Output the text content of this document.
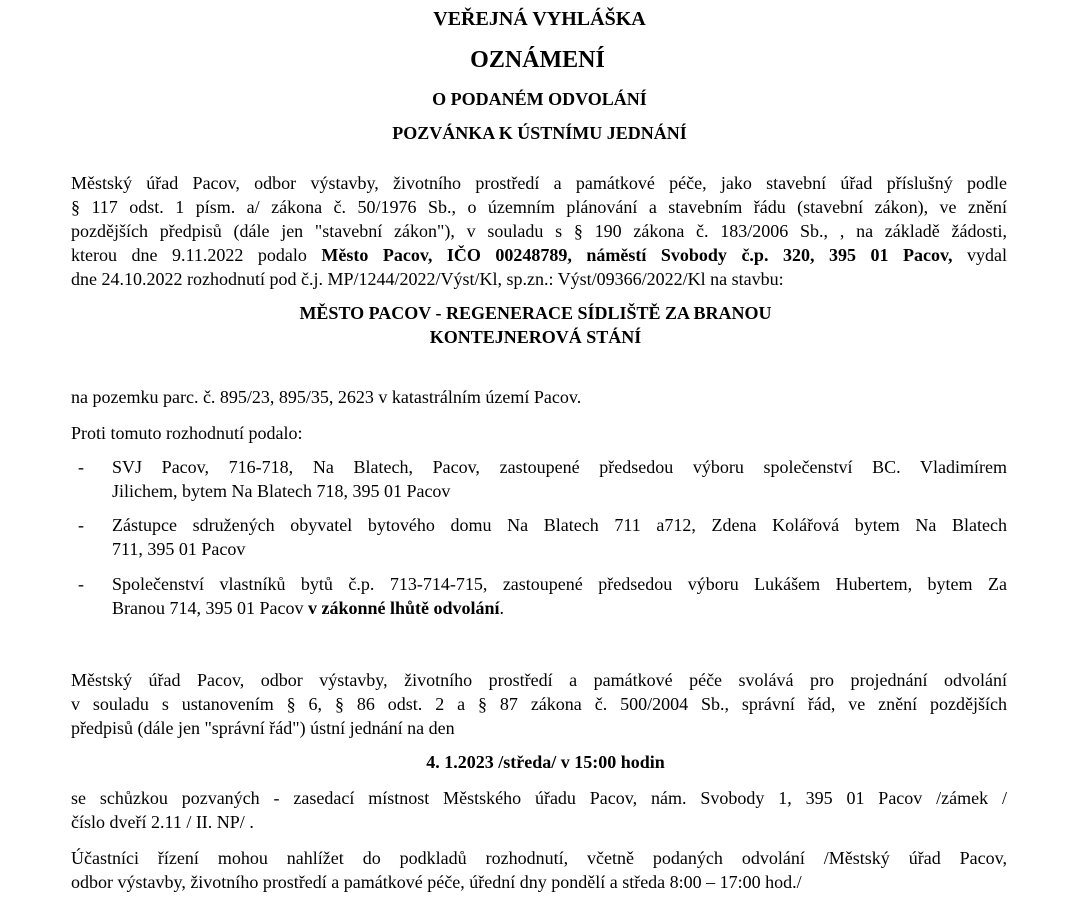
VEŘEJNÁ VYHLÁŠKA
OZNÁMENÍ
O PODANÉM ODVOLÁNÍ
POZVÁNKA K ÚSTNÍMU JEDNÁNÍ
Městský úřad Pacov, odbor výstavby, životního prostředí a památkové péče, jako stavební úřad příslušný podle
§ 117 odst. 1 písm. a/ zákona č. 50/1976 Sb., o územním plánování a stavebním řádu (stavební zákon), ve znění
pozdějších předpisů (dále jen "stavební zákon"), v souladu s § 190 zákona č. 183/2006 Sb., , na základě žádosti,
kterou dne 9.11.2022 podalo Město Pacov, IČO 00248789, náměstí Svobody č.p. 320, 395 01 Pacov, vydal
dne 24.10.2022 rozhodnutí pod č.j. MP/1244/2022/Výst/Kl, sp.zn.: Výst/09366/2022/Kl na stavbu:
MĚSTO PACOV - REGENERACE SÍDLIŠTĚ ZA BRANOU
KONTEJNEROVÁ STÁNÍ
na pozemku parc. č. 895/23, 895/35, 2623 v katastrálním území Pacov.
Proti tomuto rozhodnutí podalo:
- SVJ Pacov, 716-718, Na Blatech, Pacov, zastoupené předsedou výboru společenství BC. Vladimírem
Jilichem, bytem Na Blatech 718, 395 01 Pacov
- Zástupce sdružených obyvatel bytového domu Na Blatech 711 a712, Zdena Kolářová bytem Na Blatech
711, 395 01 Pacov
- Společenství vlastníků bytů č.p. 713-714-715, zastoupené předsedou výboru Lukášem Hubertem, bytem Za
Branou 714, 395 01 Pacov v zákonné lhůtě odvolání.
Městský úřad Pacov, odbor výstavby, životního prostředí a památkové péče svolává pro projednání odvolání
v souladu s ustanovením § 6, § 86 odst. 2 a § 87 zákona č. 500/2004 Sb., správní řád, ve znění pozdějších
předpisů (dále jen "správní řád") ústní jednání na den
4. 1.2023 /středa/ v 15:00 hodin
se schůzkou pozvaných - zasedací místnost Městského úřadu Pacov, nám. Svobody 1, 395 01 Pacov /zámek /
číslo dveří 2.11 / II. NP/ .
Účastníci řízení mohou nahlížet do podkladů rozhodnutí, včetně podaných odvolání /Městský úřad Pacov,
odbor výstavby, životního prostředí a památkové péče, úřední dny pondělí a středa 8:00 – 17:00 hod./
